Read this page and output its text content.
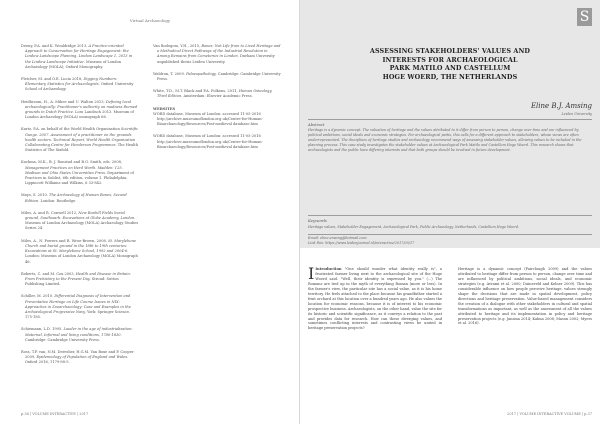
Virtual Archaeology
Deeny, P.A. and K. Wouldridge 2013, A Practice-oriented Approach to Conservation for Heritage Engagement: the Lindow Landscape Planning, Lindow Landscape 1, 2013 in the Lindow Landscape Initiative. Museum of London Archaeology (MOLA); Oxford Monography.
Fletcher, M. and O.E. Lucia 2018, Digging Numbers: Elementary Statistics for Archaeologists. Oxford University School of Archaeology.
Heidbroom, H., A. Mihee and U. Walton 2013, Defining local archaeologically: Practitioner's authority on madness themed grounds in Dutch Practice. Loss Landisch 2013. Museum of London Archaeology (MOLA) monograph 66.
Kurtz, P.A. on behalf of the World Health Organisation Scientific Gunge. 2007. Assessment of a practitioner on the grounds health sectors. Technical Report, World Health Organization Collaborating Centre for Henderson Programmes. The Health Statistics of The Sixfold.
Kuchma, M.K., B. J. Ronstad and B.G. Smith, eds. 2008, Management Practices on Herd Worth. Madden: 125. Madison and Ohio States Universities Press. Department of Practices in Sublist, 6th edition, volume 1. Philadelphia: Lippincott Williams and Wilkins, 6 33-842.
Mays, S. 2010. The Archaeology of Human Bones, Second Edition. London: Routledge.
Miles, A. and R. Conwell 2012, New Bunhill Fields burial ground, Southwark: Excavations at Globe Academy, London. Museum of London Archaeology (MOLA) Archaeology Studies Series 24.
Miles, A., N. Powers and R. Wroe-Brown, 2008, St. Marylebone Church and burial ground in the 18th to 19th centuries: Excavations at St. Marylebone School, 1992 and 2004-6. London: Museum of London Archaeology (MOLA) Monograph 46.
Roberts, C. and M. Cox 2003, Health and Disease in Britain: From Prehistory to the Present Day. Stroud: Sutton Publishing Limited.
Schiller, M. 2010. Differential Diagnosis of Intervention and Preventative Heritage on Life Course Issues in NIX: Approaches in Zooarchaeology: Case and Examples in the Archaeological Progressive Navy. York: Springer Science. 175-185.
Schiemann, L.D. 1995. Lauder in the age of industrialisation: Maternal, Informal and living conditions, 1780-1830. Cambridge: Cambridge University Press.
Ross, T.P. van, N.M. Deresher, H.G.M. Van Boxe and P. Cooper 2009, Epidemiology of Population of England and Wales. Oxford 2016, 1179-88-5.
Van Bodegom, Y.H., 2015, Bones: Not Life from to Lived Heritage and a Methodical Direct Pathways of the Industrial Revolution in Among Remains from Cemeteries in London. Durham University unpublished thesis Leiden University.
Waldron, T. 2009. Palaeopathology. Cambridge: Cambridge University Press.
White, T.D., M.T. Black and P.A. Folkens, 2011, Human Osteology, Third Edition. Amsterdam: Elsevier Academic Press.
WEBSITES
WORD database, Museum of London: accessed 11-05-2016 http://archive.museumoflondon.org.uk/Centre-for-Human-Bioarchaeology/Resources/Post-medieval database.htm
WORD database, Museum of London: accessed 11-05-2016 http://archive.museumoflondon.org.uk/Centre-for-Human-Bioarchaeology/Resources/Post-medieval database.htm
p.36 | VOLUME INTERACTIVE | 2017
S
ASSESSING STAKEHOLDERS' VALUES AND
INTERESTS FOR ARCHAEOLOGICAL
PARK MATILO AND CASTELLUM
HOGE WOERD, THE NETHERLANDS
Eline B.J. Amsing
Leiden University
Abstract
Heritage is a dynamic concept. The valuation of heritage and the values attributed to it differ from person to person, change over time and are influenced by political ambitions, social ideals and economic strategies. For archaeological parks, this calls for a different approach to stakeholders, whose views are often underrepresented. The disciplines of heritage studies and archaeology recommend ways of assessing stakeholder values, allowing values to be included in the planning process. This case study investigates the stakeholder values at Archaeological Park Matilo and Castellum Hoge Woerd. This research shows that archaeologists and the public have differing interests and that both groups should be involved in future development.
Keywords
Heritage values, Stakeholder Engagement, Archaeological Park, Public Archaeology, Netherlands, Castellum Hoge Woerd.
Email: eline.amsing@hotmail.com
Link this: https://www.leidenjournal.nl/interactive/2017/05/17
I Introduction "One should wonder what identity really is", a frustrated farmer living next to the archaeological site of the Hoge Woerd said. "Well, their identity is expressed by you." (...) The Romans are tied up in the myth of everything Roman (more or less). In the farmer's view, the particular site has a social value, as it is his home territory. He feels attached to the place because his grandfather started a fruit orchard at this location over a hundred years ago. He also values the location for economic reasons, because it is of interest to his economic prospective business. Archaeologists, on the other hand, value the site for its historic and scientific significance, as it conveys a relation to the past and provides data for research. How can these diverging values, and sometimes conflicting interests and contrasting views be united in heritage preservation projects?
Heritage is a dynamic concept (Fairclough 2009) and the values attributed to heritage differ from person to person, change over time and are influenced by political ambitions, social ideals, and economic strategies (e.g. Avrami et al. 2000; Duineveld and Kelner 2009). This has considerable influence on how people perceive heritage, values strongly shape the decisions that are made in spatial development, policy directions and heritage preservation. Value-based management considers the creation of a dialogue with other stakeholders in cultural and spatial transformations as important, as well as the assessment of all the values attributed to heritage and its implementation in policy and heritage preservation projects (e.g. Jansma 2014; Kalma 2008; Mason 2002; Myers et al. 2016).
2017 | VOLUME INTERACTIVE VOLUME | p.37
